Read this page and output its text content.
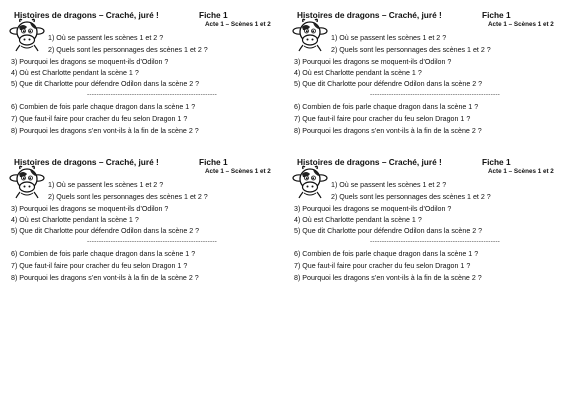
Histoires de dragons – Craché, juré !	Fiche 1
Acte 1 – Scènes 1 et 2
1) Où se passent les scènes 1 et 2 ?
2) Quels sont les personnages des scènes 1 et 2 ?
3) Pourquoi les dragons se moquent-ils d’Odilon ?
4) Où est Charlotte pendant la scène 1 ?
5) Que dit Charlotte pour défendre Odilon dans la scène 2 ?
-------------------------------------------------------
6) Combien de fois parle chaque dragon dans la scène 1 ?
7) Que faut-il faire pour cracher du feu selon Dragon 1 ?
8) Pourquoi les dragons s’en vont-ils à la fin de la scène 2 ?
Histoires de dragons – Craché, juré !	Fiche 1
Acte 1 – Scènes 1 et 2
1) Où se passent les scènes 1 et 2 ?
2) Quels sont les personnages des scènes 1 et 2 ?
3) Pourquoi les dragons se moquent-ils d’Odilon ?
4) Où est Charlotte pendant la scène 1 ?
5) Que dit Charlotte pour défendre Odilon dans la scène 2 ?
-------------------------------------------------------
6) Combien de fois parle chaque dragon dans la scène 1 ?
7) Que faut-il faire pour cracher du feu selon Dragon 1 ?
8) Pourquoi les dragons s’en vont-ils à la fin de la scène 2 ?
Histoires de dragons – Craché, juré !	Fiche 1
Acte 1 – Scènes 1 et 2
1) Où se passent les scènes 1 et 2 ?
2) Quels sont les personnages des scènes 1 et 2 ?
3) Pourquoi les dragons se moquent-ils d’Odilon ?
4) Où est Charlotte pendant la scène 1 ?
5) Que dit Charlotte pour défendre Odilon dans la scène 2 ?
-------------------------------------------------------
6) Combien de fois parle chaque dragon dans la scène 1 ?
7) Que faut-il faire pour cracher du feu selon Dragon 1 ?
8) Pourquoi les dragons s’en vont-ils à la fin de la scène 2 ?
Histoires de dragons – Craché, juré !	Fiche 1
Acte 1 – Scènes 1 et 2
1) Où se passent les scènes 1 et 2 ?
2) Quels sont les personnages des scènes 1 et 2 ?
3) Pourquoi les dragons se moquent-ils d’Odilon ?
4) Où est Charlotte pendant la scène 1 ?
5) Que dit Charlotte pour défendre Odilon dans la scène 2 ?
-------------------------------------------------------
6) Combien de fois parle chaque dragon dans la scène 1 ?
7) Que faut-il faire pour cracher du feu selon Dragon 1 ?
8) Pourquoi les dragons s’en vont-ils à la fin de la scène 2 ?
